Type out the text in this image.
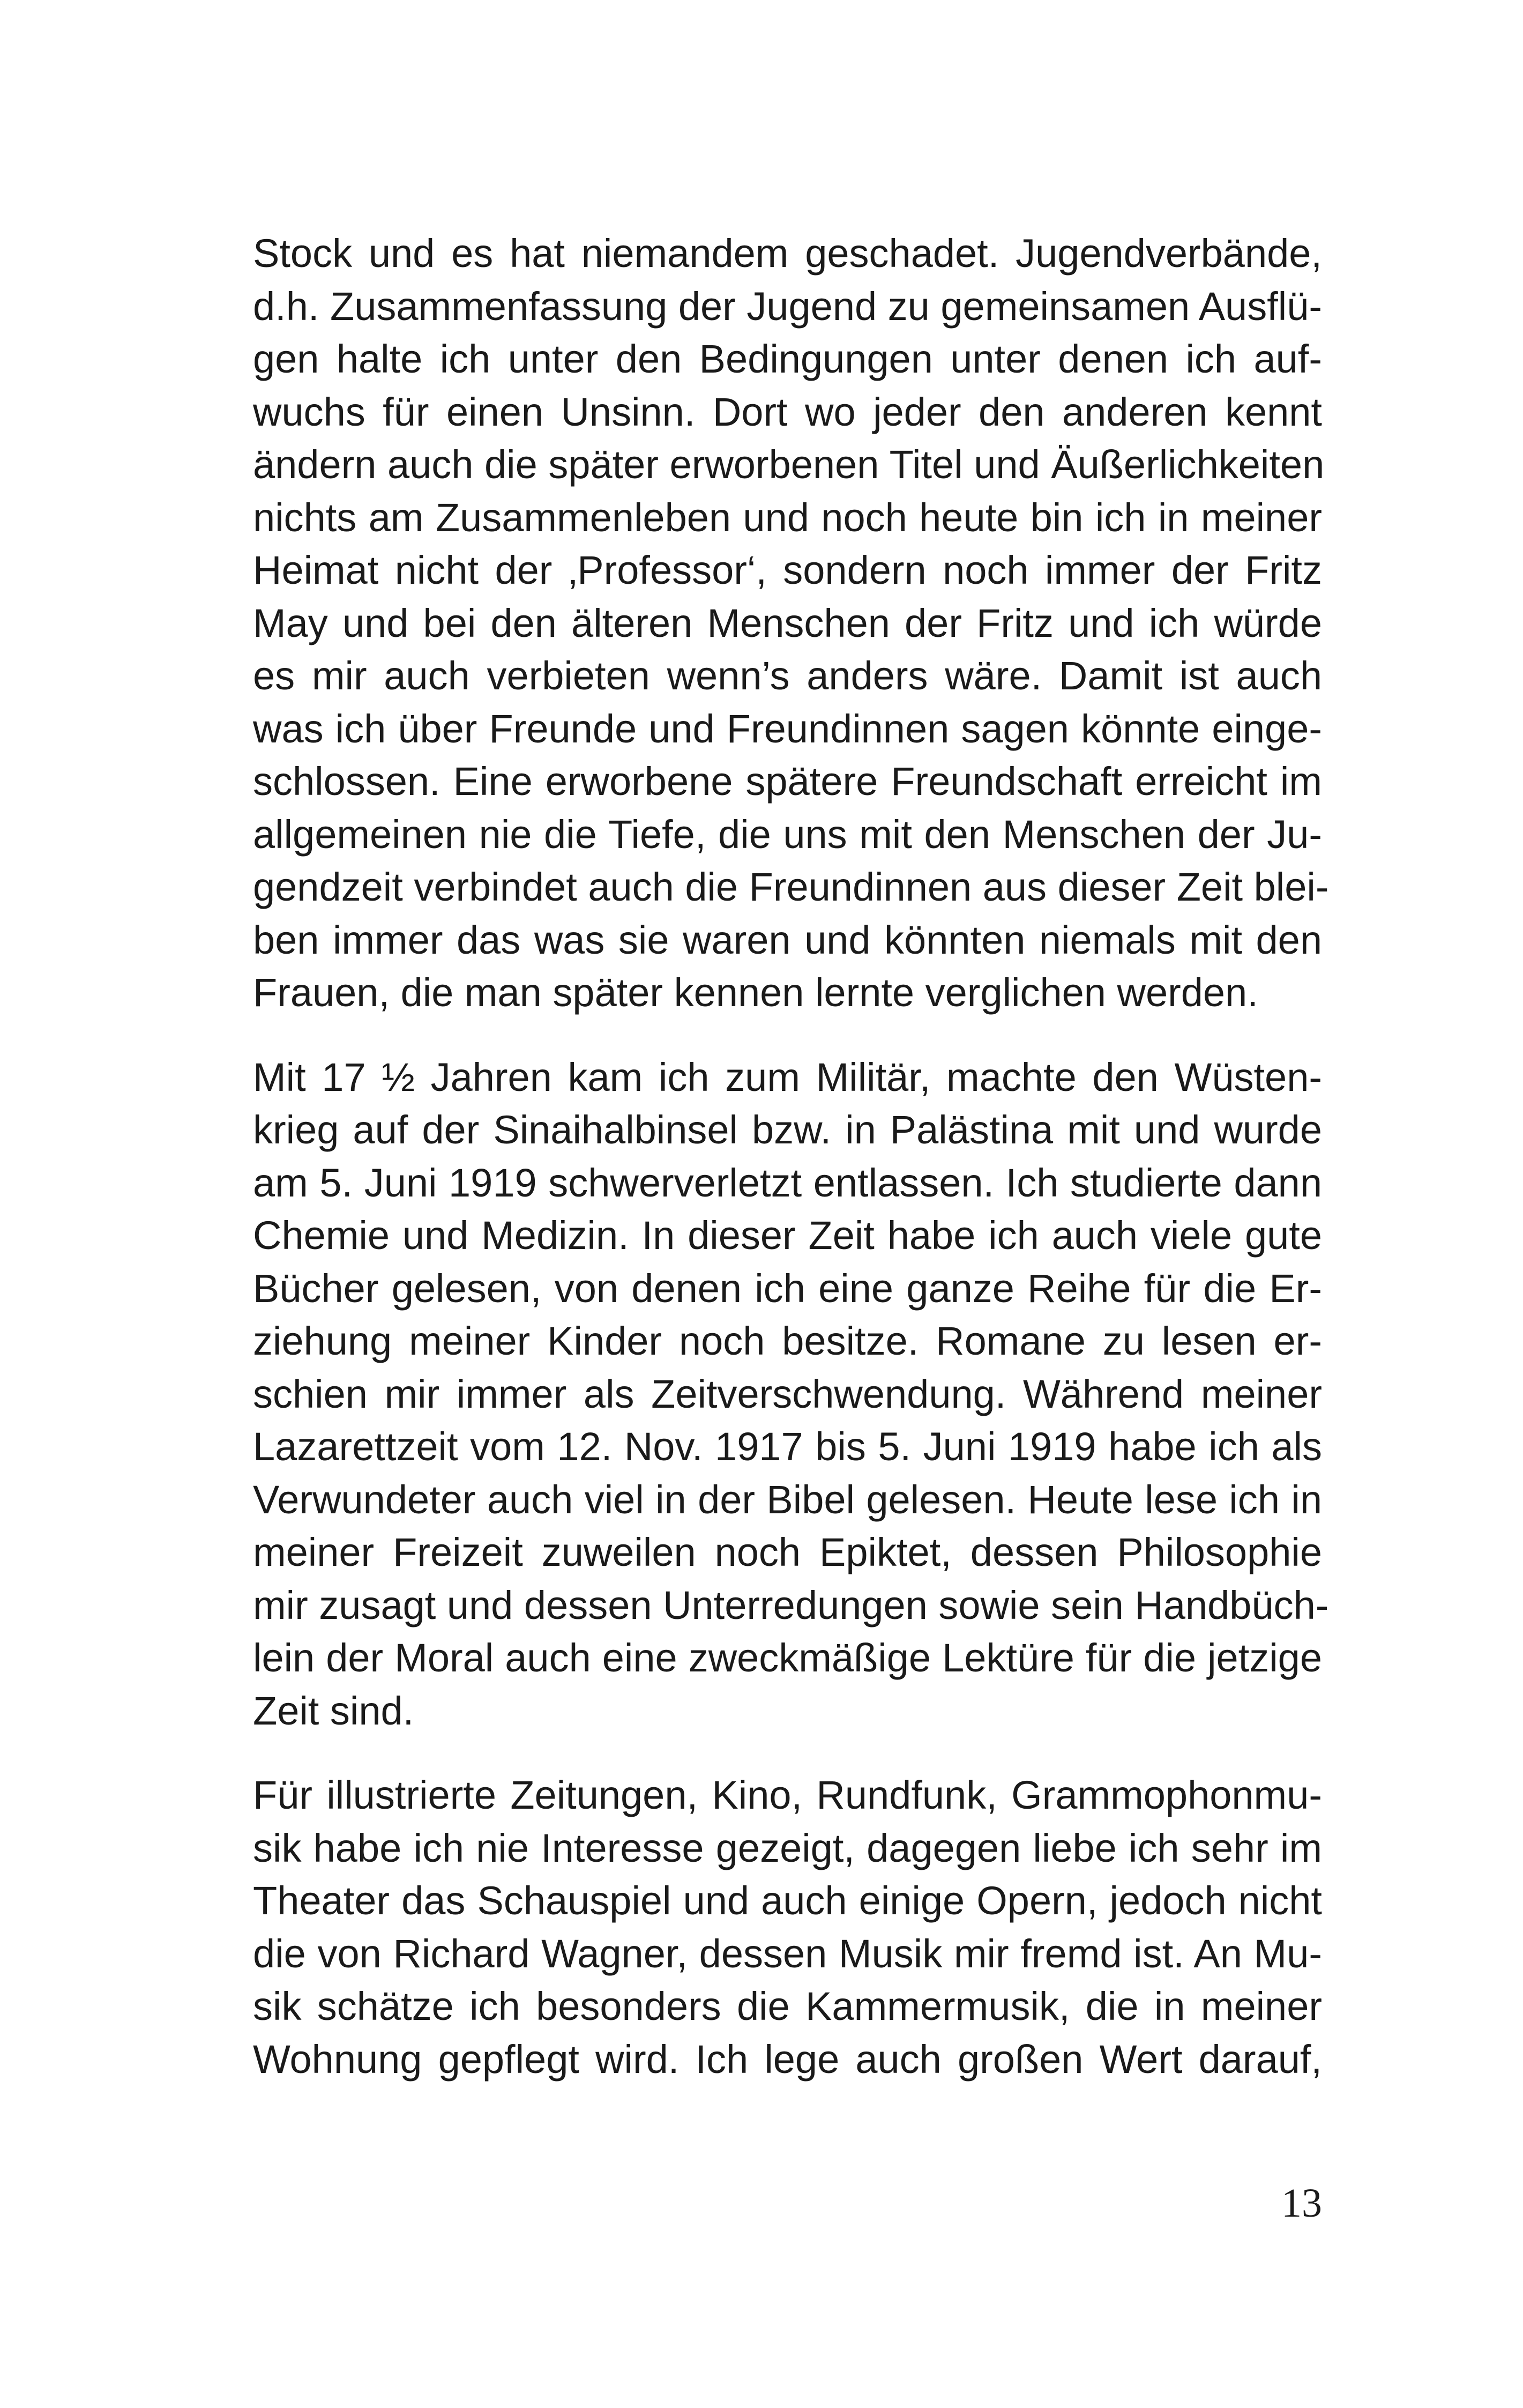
Stock und es hat niemandem geschadet. Jugendverbände,
d.h. Zusammenfassung der Jugend zu gemeinsamen Ausflü-
gen halte ich unter den Bedingungen unter denen ich auf-
wuchs für einen Unsinn. Dort wo jeder den anderen kennt
ändern auch die später erworbenen Titel und Äußerlichkeiten
nichts am Zusammenleben und noch heute bin ich in meiner
Heimat nicht der ‚Professor‘, sondern noch immer der Fritz
May und bei den älteren Menschen der Fritz und ich würde
es mir auch verbieten wenn’s anders wäre. Damit ist auch
was ich über Freunde und Freundinnen sagen könnte einge-
schlossen. Eine erworbene spätere Freundschaft erreicht im
allgemeinen nie die Tiefe, die uns mit den Menschen der Ju-
gendzeit verbindet auch die Freundinnen aus dieser Zeit blei-
ben immer das was sie waren und könnten niemals mit den
Frauen, die man später kennen lernte verglichen werden.
Mit 17 ½ Jahren kam ich zum Militär, machte den Wüsten-
krieg auf der Sinaihalbinsel bzw. in Palästina mit und wurde
am 5. Juni 1919 schwerverletzt entlassen. Ich studierte dann
Chemie und Medizin. In dieser Zeit habe ich auch viele gute
Bücher gelesen, von denen ich eine ganze Reihe für die Er-
ziehung meiner Kinder noch besitze. Romane zu lesen er-
schien mir immer als Zeitverschwendung. Während meiner
Lazarettzeit vom 12. Nov. 1917 bis 5. Juni 1919 habe ich als
Verwundeter auch viel in der Bibel gelesen. Heute lese ich in
meiner Freizeit zuweilen noch Epiktet, dessen Philosophie
mir zusagt und dessen Unterredungen sowie sein Handbüch-
lein der Moral auch eine zweckmäßige Lektüre für die jetzige
Zeit sind.
Für illustrierte Zeitungen, Kino, Rundfunk, Grammophonmu-
sik habe ich nie Interesse gezeigt, dagegen liebe ich sehr im
Theater das Schauspiel und auch einige Opern, jedoch nicht
die von Richard Wagner, dessen Musik mir fremd ist. An Mu-
sik schätze ich besonders die Kammermusik, die in meiner
Wohnung gepflegt wird. Ich lege auch großen Wert darauf,
13
